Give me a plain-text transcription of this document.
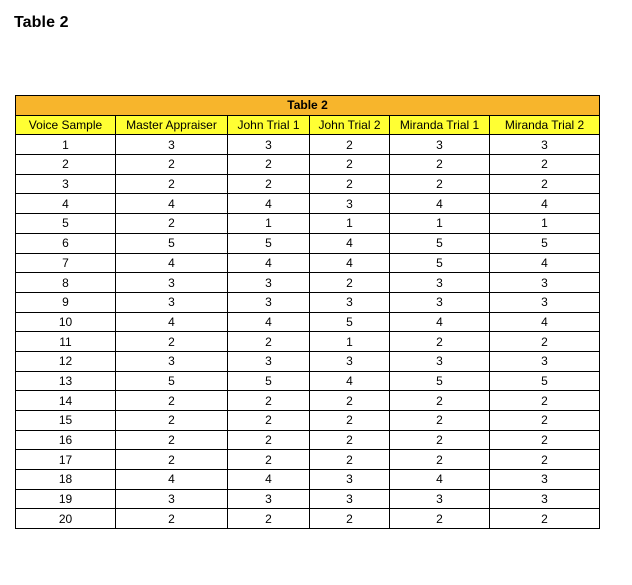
Table 2
Table 2					
Voice Sample	Master Appraiser	John Trial 1	John Trial 2	Miranda Trial 1	Miranda Trial 2
1	3	3	2	3	3
2	2	2	2	2	2
3	2	2	2	2	2
4	4	4	3	4	4
5	2	1	1	1	1
6	5	5	4	5	5
7	4	4	4	5	4
8	3	3	2	3	3
9	3	3	3	3	3
10	4	4	5	4	4
11	2	2	1	2	2
12	3	3	3	3	3
13	5	5	4	5	5
14	2	2	2	2	2
15	2	2	2	2	2
16	2	2	2	2	2
17	2	2	2	2	2
18	4	4	3	4	3
19	3	3	3	3	3
20	2	2	2	2	2
